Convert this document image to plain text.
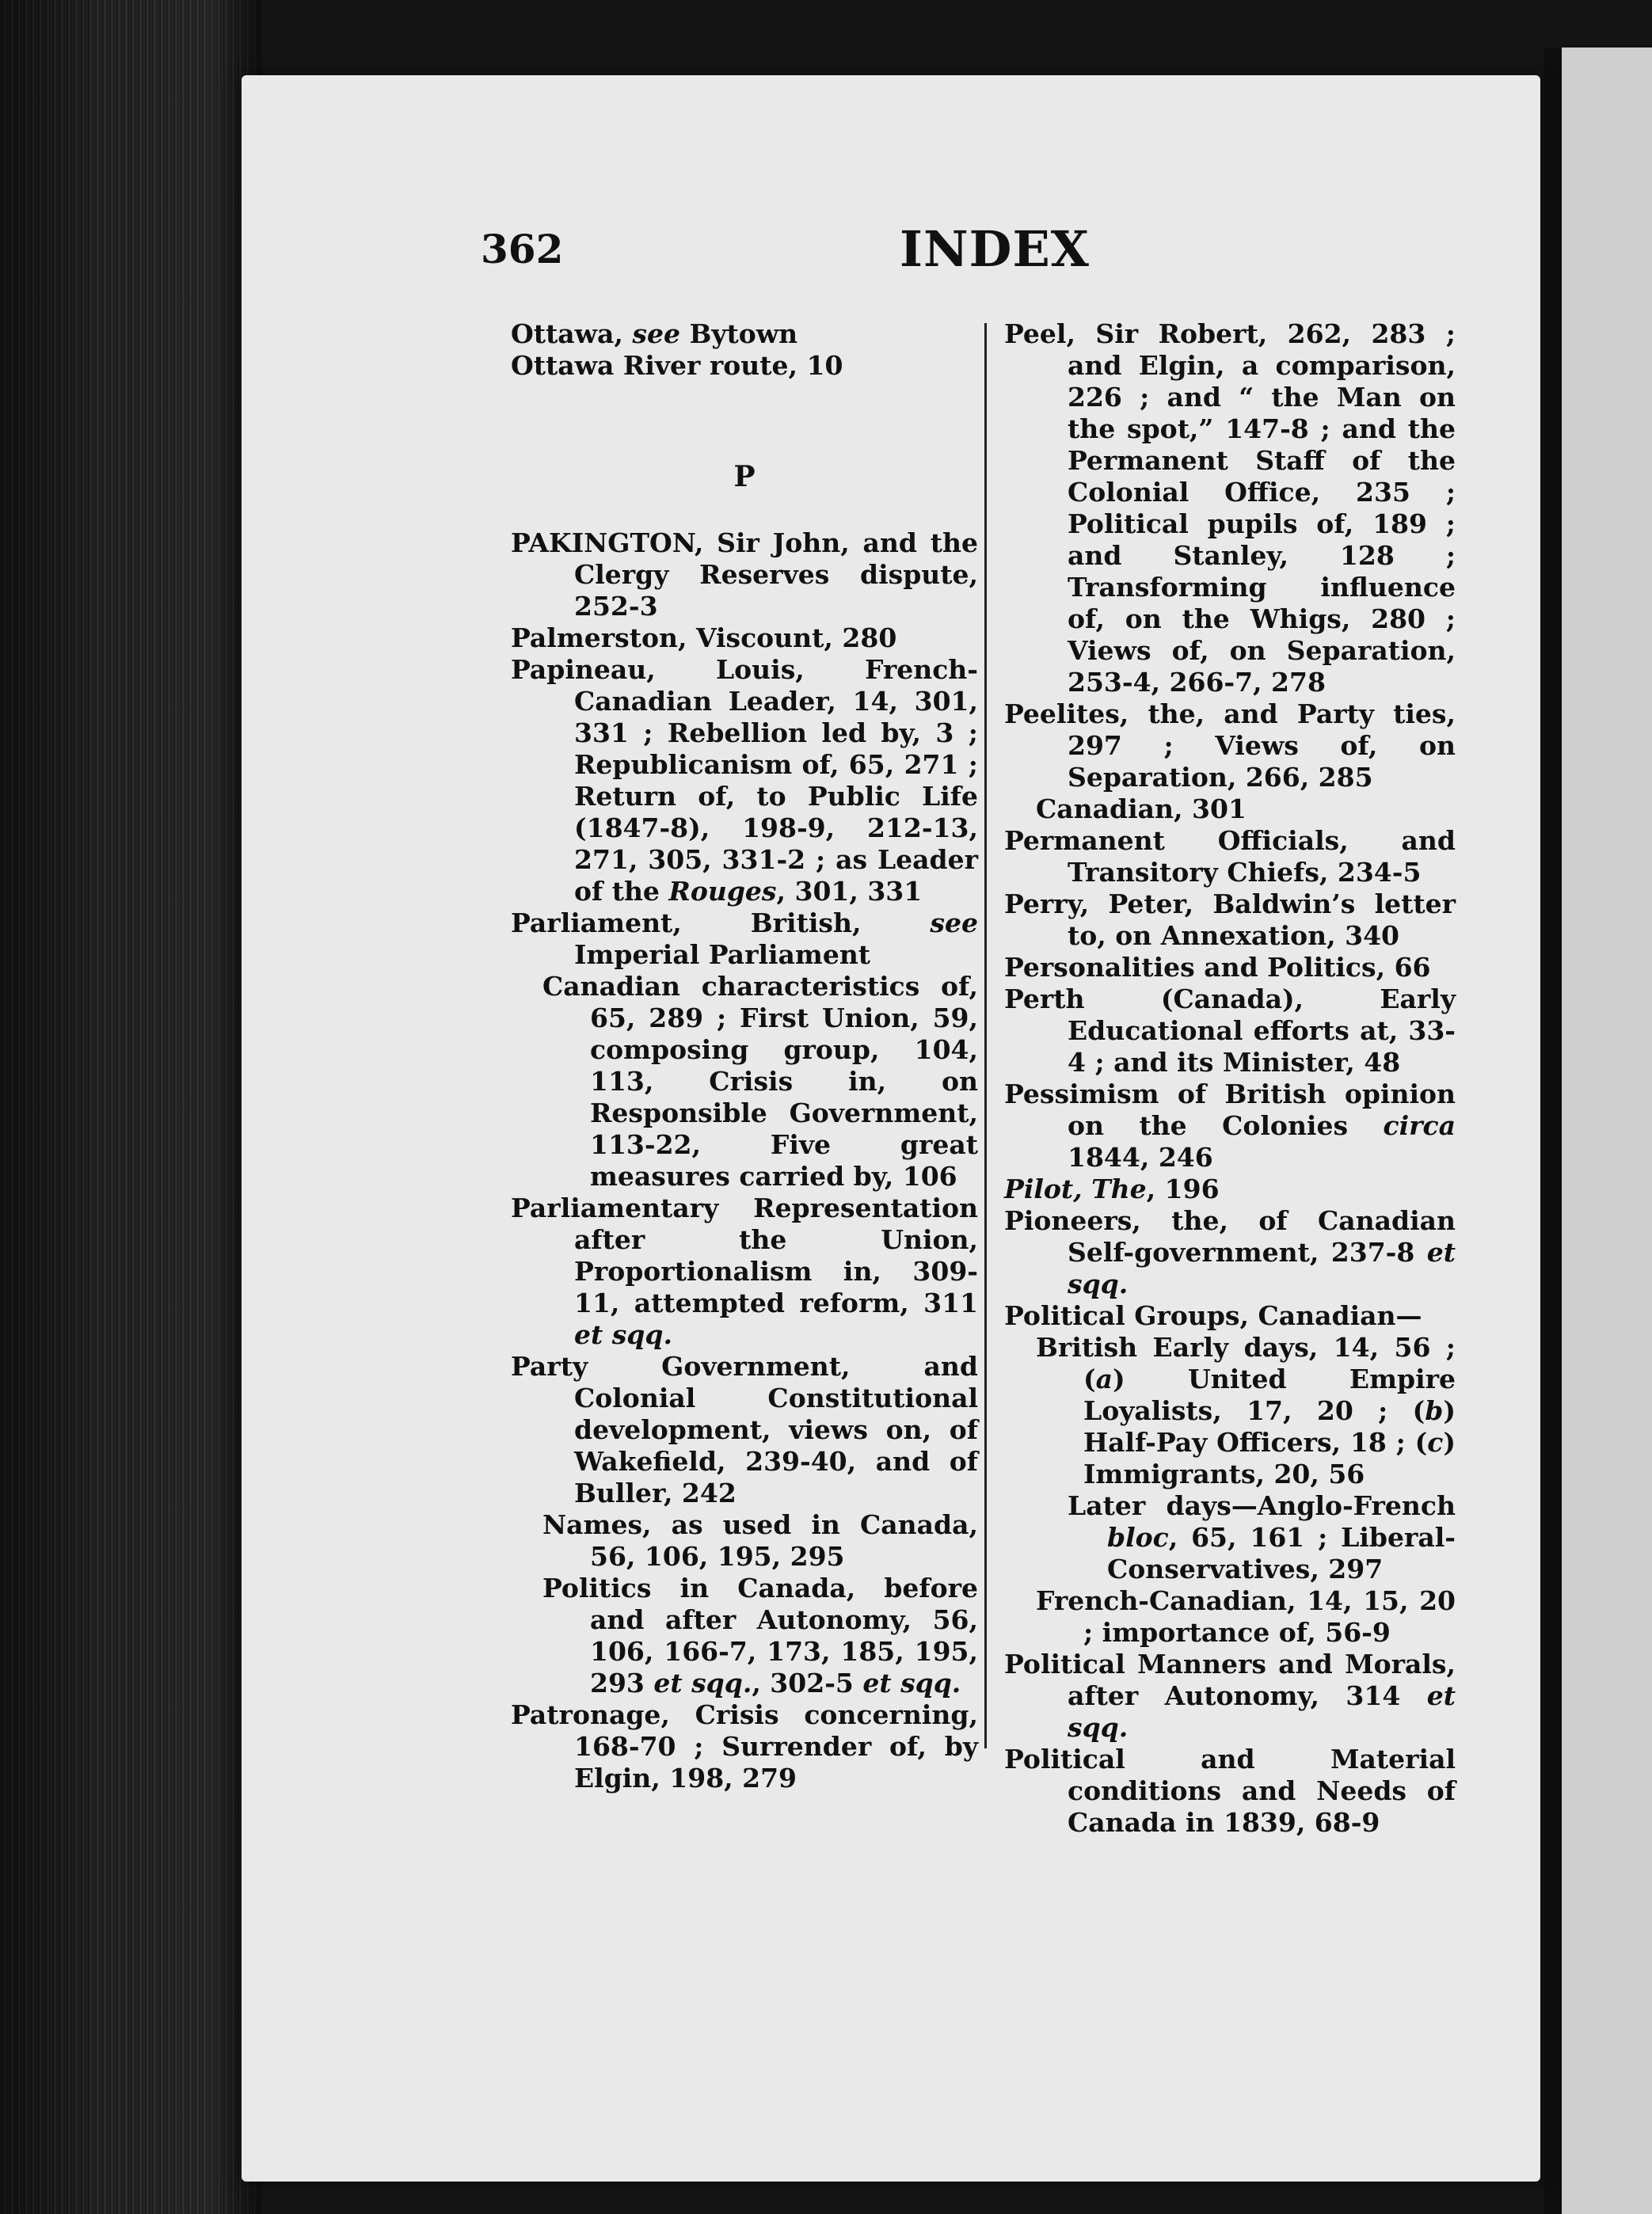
362	INDEX

Ottawa, see Bytown

Ottawa River route, 10

P

PAKINGTON, Sir John, and the Clergy Reserves dispute, 252-3

Palmerston, Viscount, 280

Papineau, Louis, French-Canadian Leader, 14, 301, 331 ; Rebellion led by, 3 ; Republicanism of, 65, 271 ; Return of, to Public Life (1847-8), 198-9, 212-13, 271, 305, 331-2 ; as Leader of the Rouges, 301, 331

Parliament, British, see Imperial Parliament

Canadian characteristics of, 65, 289 ; First Union, 59, composing group, 104, 113, Crisis in, on Responsible Government, 113-22, Five great measures carried by, 106

Parliamentary Representation after the Union, Proportionalism in, 309-11, attempted reform, 311 et sqq.

Party Government, and Colonial Constitutional development, views on, of Wakefield, 239-40, and of Buller, 242

Names, as used in Canada, 56, 106, 195, 295

Politics in Canada, before and after Autonomy, 56, 106, 166-7, 173, 185, 195, 293 et sqq., 302-5 et sqq.

Patronage, Crisis concerning, 168-70 ; Surrender of, by Elgin, 198, 279

Peel, Sir Robert, 262, 283 ; and Elgin, a comparison, 226 ; and “ the Man on the spot,” 147-8 ; and the Permanent Staff of the Colonial Office, 235 ; Political pupils of, 189 ; and Stanley, 128 ; Transforming influence of, on the Whigs, 280 ; Views of, on Separation, 253-4, 266-7, 278

Peelites, the, and Party ties, 297 ; Views of, on Separation, 266, 285

Canadian, 301

Permanent Officials, and Transitory Chiefs, 234-5

Perry, Peter, Baldwin’s letter to, on Annexation, 340

Personalities and Politics, 66

Perth (Canada), Early Educational efforts at, 33-4 ; and its Minister, 48

Pessimism of British opinion on the Colonies circa 1844, 246

Pilot, The, 196

Pioneers, the, of Canadian Self-government, 237-8 et sqq.

Political Groups, Canadian—

British Early days, 14, 56 ; (a) United Empire Loyalists, 17, 20 ; (b) Half-Pay Officers, 18 ; (c) Immigrants, 20, 56

Later days—Anglo-French bloc, 65, 161 ; Liberal-Conservatives, 297

French-Canadian, 14, 15, 20 ; importance of, 56-9

Political Manners and Morals, after Autonomy, 314 et sqq.

Political and Material conditions and Needs of Canada in 1839, 68-9
